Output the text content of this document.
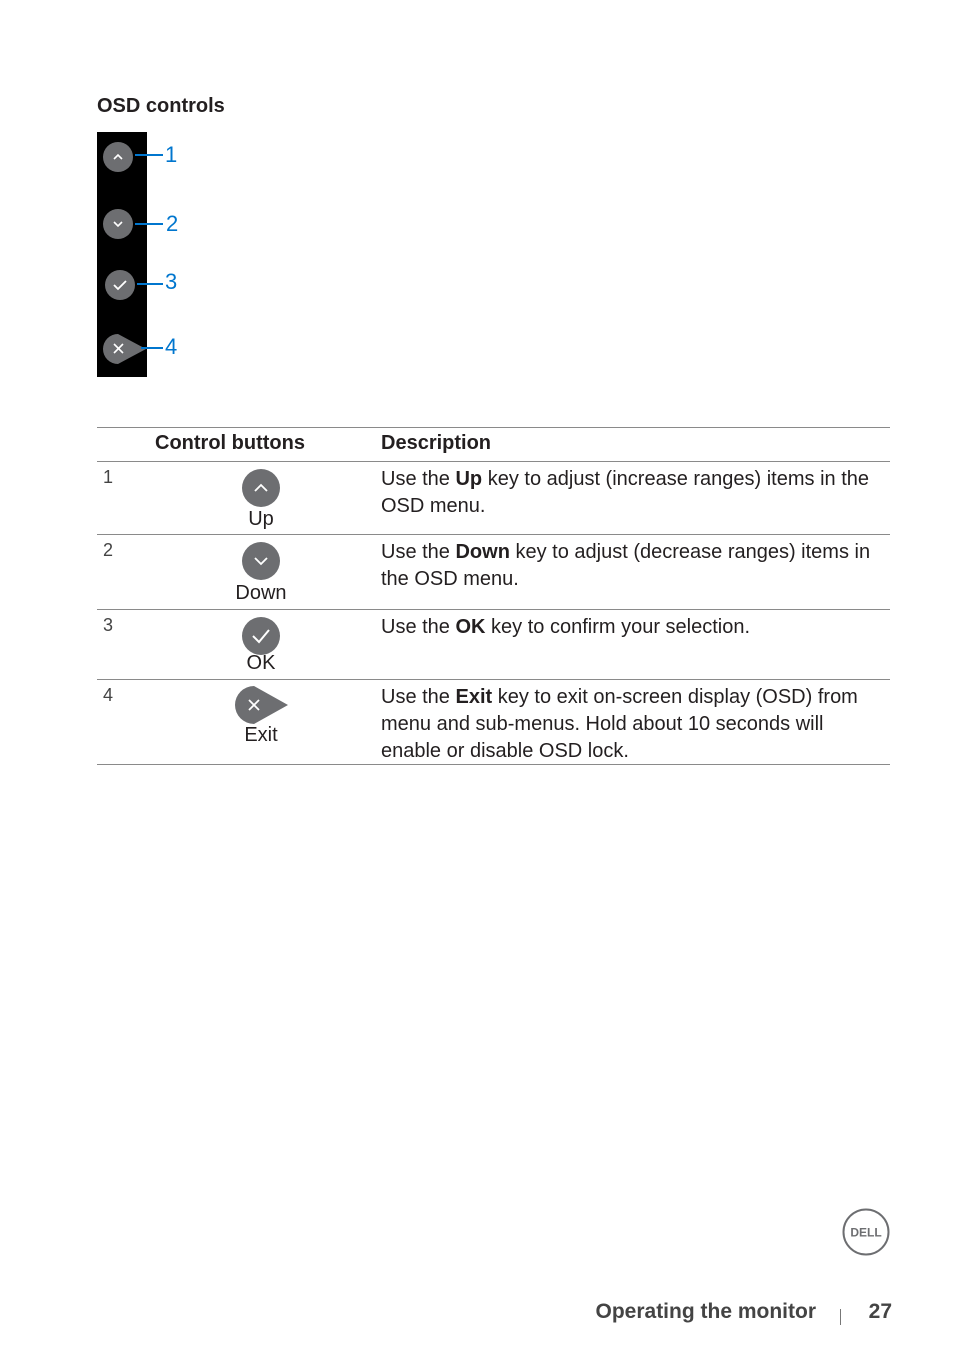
OSD controls
1
2
3
4
Control buttons	Description
1
Up
Use the Up key to adjust (increase ranges) items in the OSD menu.
2
Down
Use the Down key to adjust (decrease ranges) items in the OSD menu.
3
OK
Use the OK key to confirm your selection.
4
Exit
Use the Exit key to exit on-screen display (OSD) from menu and sub-menus. Hold about 10 seconds will enable or disable OSD lock.
DELL
Operating the monitor	27
